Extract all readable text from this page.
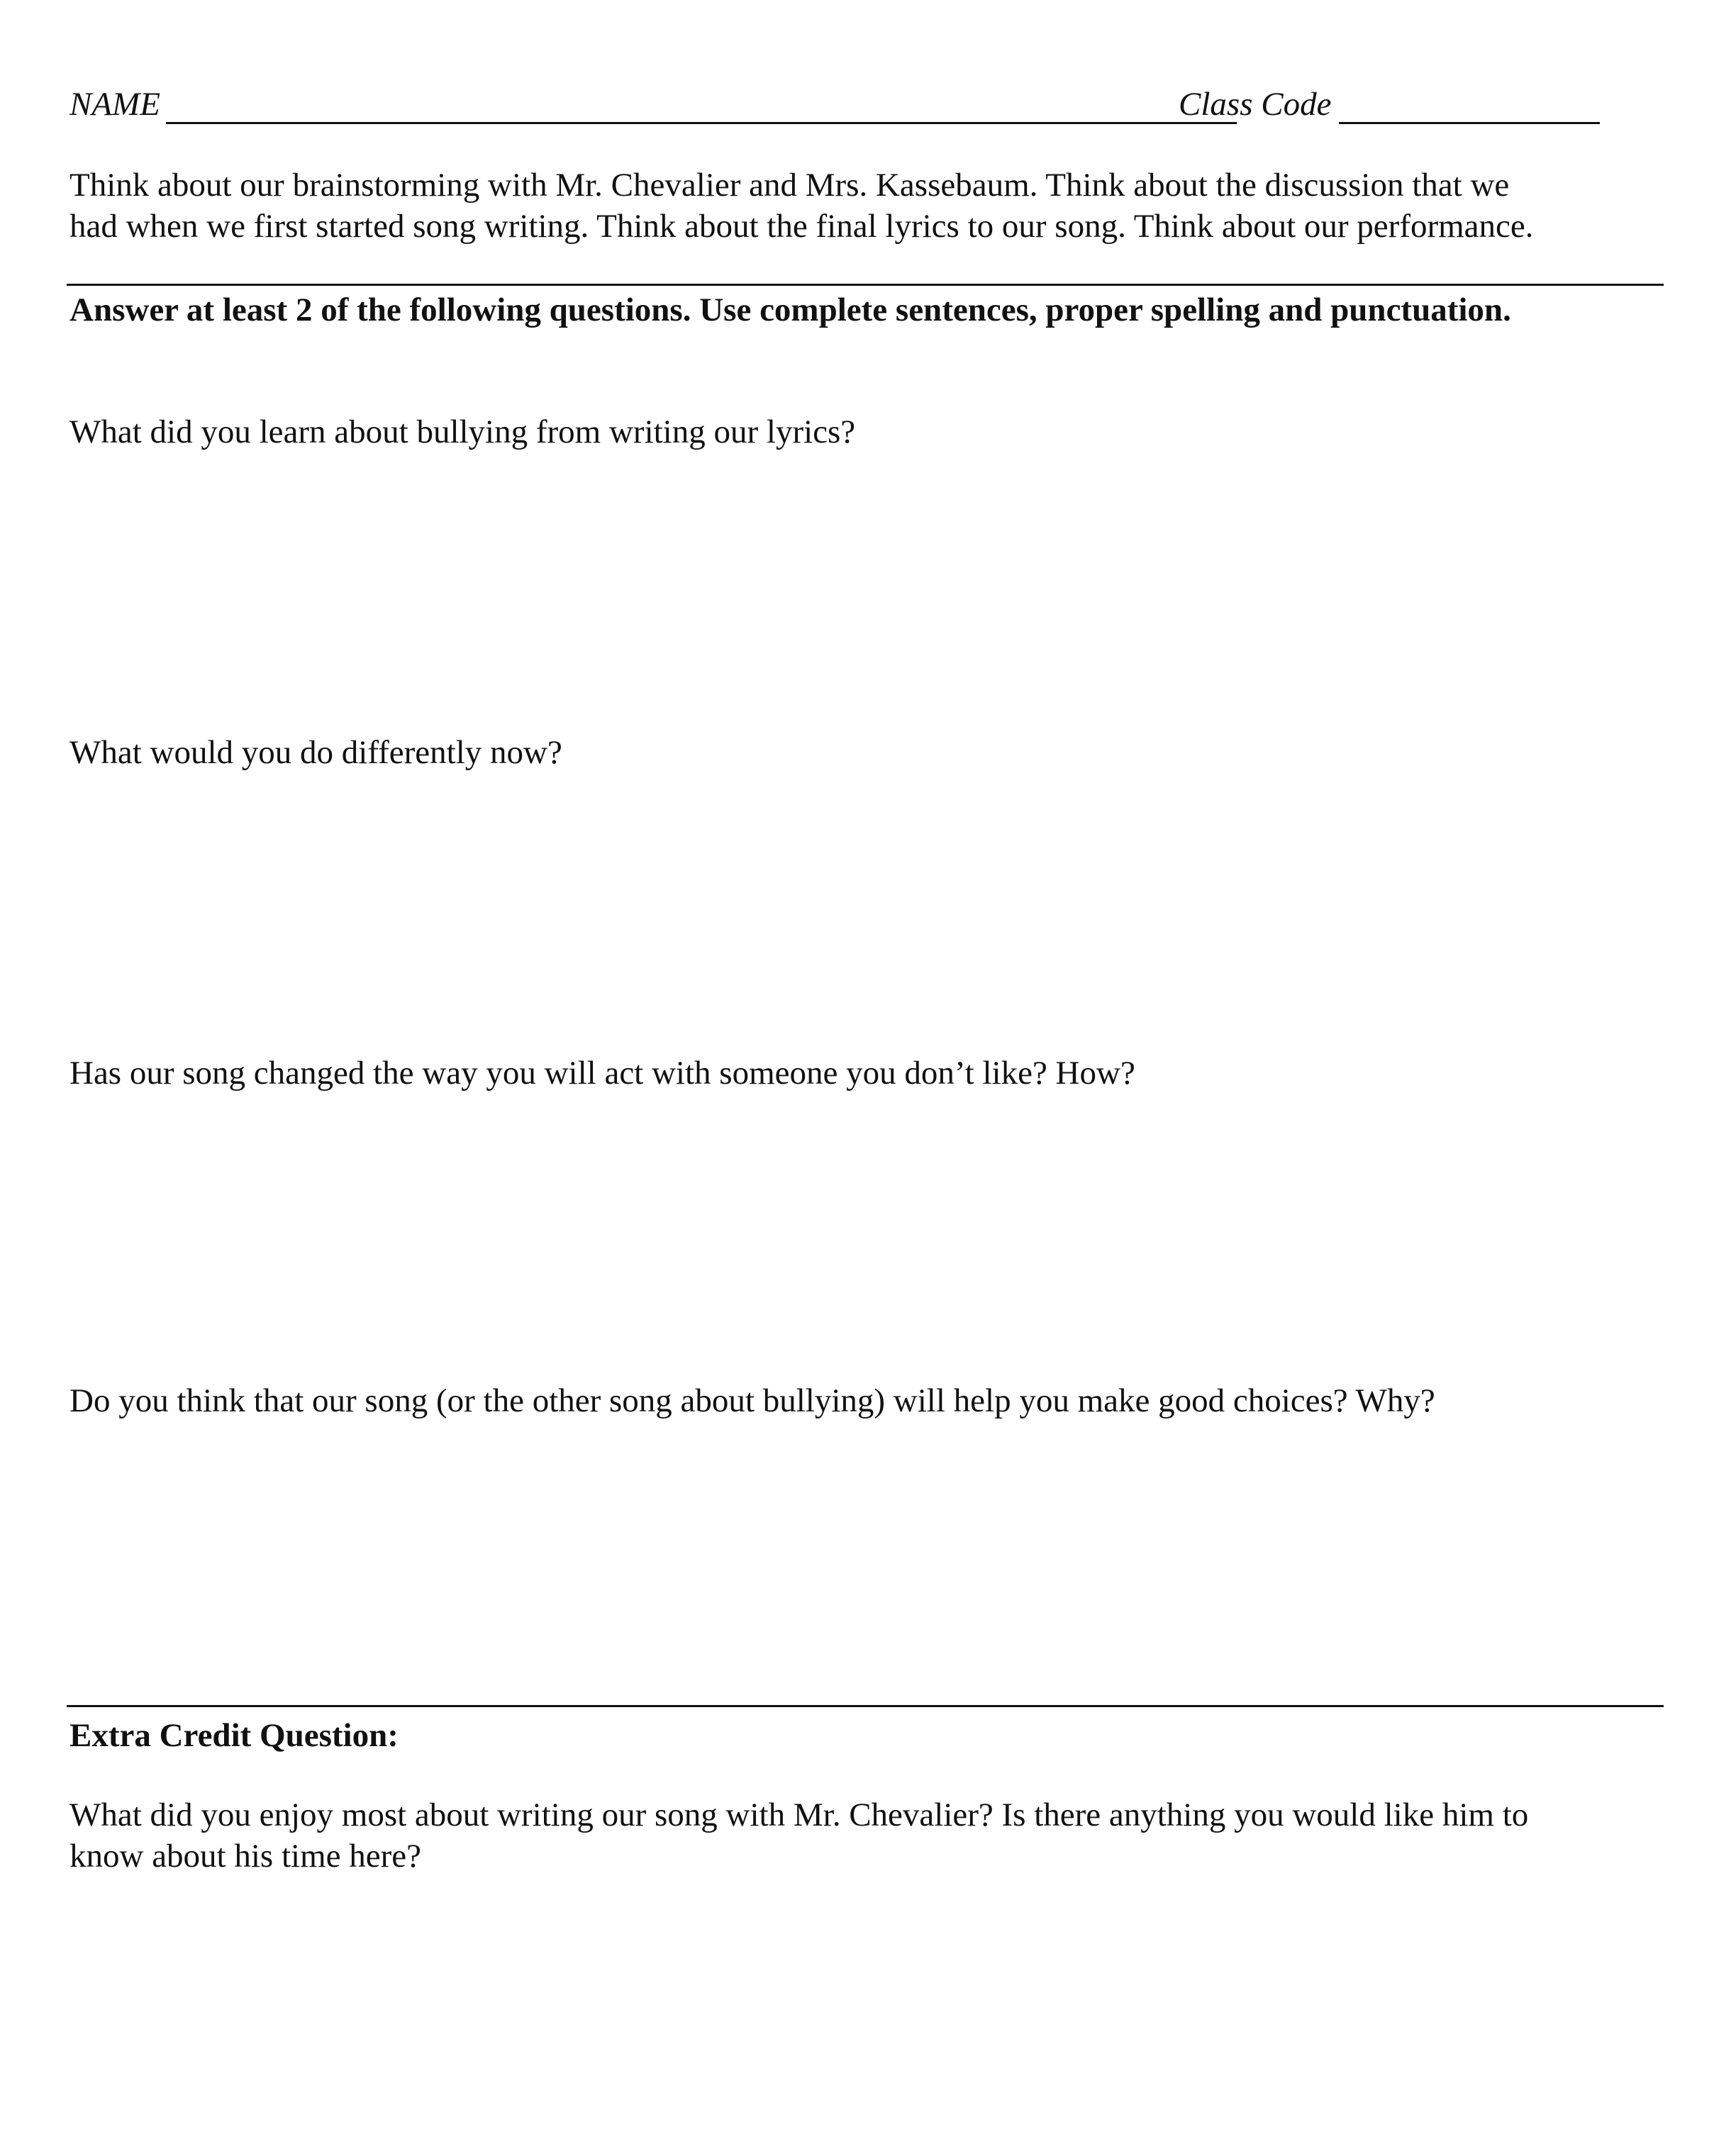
NAME	Class Code
Think about our brainstorming with Mr. Chevalier and Mrs. Kassebaum. Think about the discussion that we
had when we first started song writing. Think about the final lyrics to our song. Think about our performance.
Answer at least 2 of the following questions. Use complete sentences, proper spelling and punctuation.
What did you learn about bullying from writing our lyrics?
What would you do differently now?
Has our song changed the way you will act with someone you don’t like? How?
Do you think that our song (or the other song about bullying) will help you make good choices? Why?
Extra Credit Question:
What did you enjoy most about writing our song with Mr. Chevalier? Is there anything you would like him to
know about his time here?
